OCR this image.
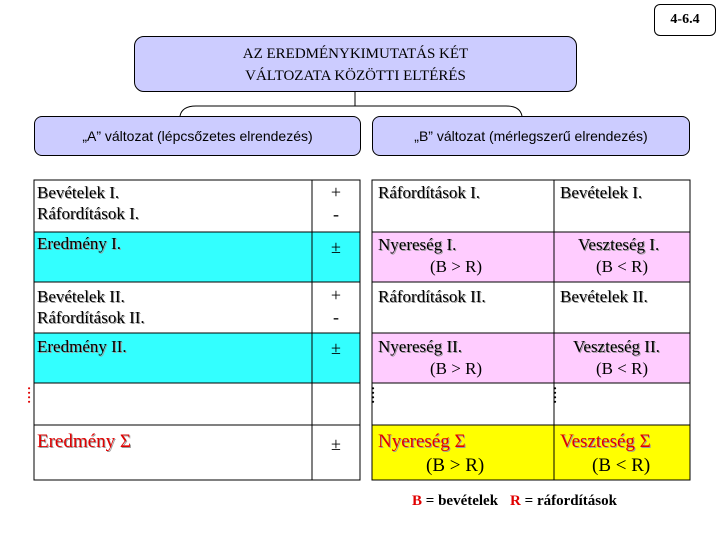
4-6.4
AZ EREDMÉNYKIMUTATÁS KÉT
VÁLTOZATA KÖZÖTTI ELTÉRÉS
„A” változat (lépcsőzetes elrendezés)	„B” változat (mérlegszerű elrendezés)
Bevételek I.
Ráfordítások I.
Eredmény I.
Bevételek II.
Ráfordítások II.
Eredmény II.
....
Eredmény Σ
+
-
±
+
-
±
±
Ráfordítások I.
Nyereség I.
(B > R)
Ráfordítások II.
Nyereség II.
(B > R)
....
Nyereség Σ
(B > R)
Bevételek I.
Veszteség I.
(B < R)
Bevételek II.
Veszteség II.
(B < R)
....
Veszteség Σ
(B < R)
B = bevételek R = ráfordítások
